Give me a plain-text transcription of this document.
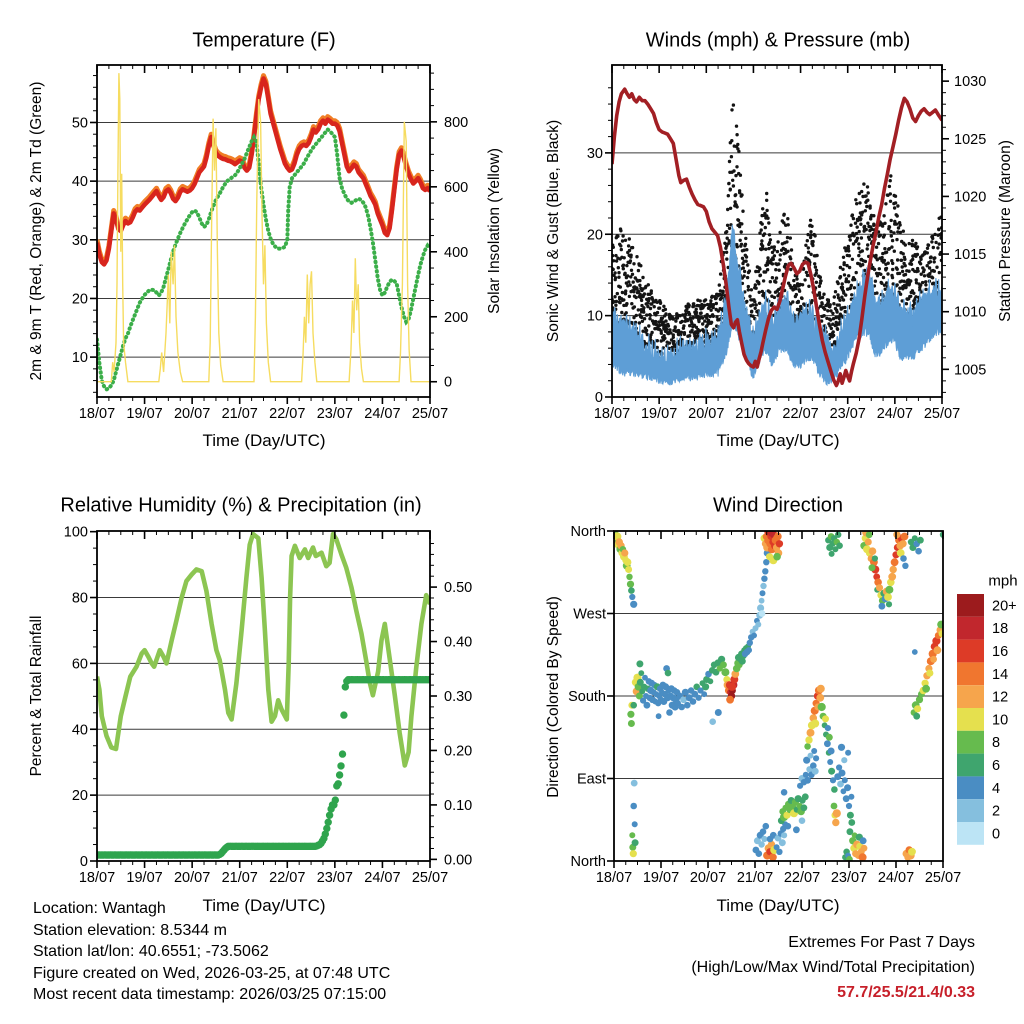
18/07 19/07 20/07 21/07 22/07 23/07 24/07 25/07
10
20
30
40
50
0
200
400
600
800
18/07 19/07 20/07 21/07 22/07 23/07 24/07 25/07
0
10
20
30
1005
1010
1015
1020
1025
1030
18/07 19/07 20/07 21/07 22/07 23/07 24/07 25/07
0
20
40
60
80
100
0.00
0.10
0.20
0.30
0.40
0.50
18/07 19/07 20/07 21/07 22/07 23/07 24/07 25/07
North
West
South
East
North
20+
18
16
14
12
10
8
6
4
2
0
Temperature (F)	Winds (mph) & Pressure (mb)
Relative Humidity (%) & Precipitation (in)	Wind Direction
2m & 9m T (Red, Orange) & 2m Td (Green)	Solar Insolation (Yellow)	Sonic Wind & Gust (Blue, Black)	Station Pressure (Maroon)
Percent & Total Rainfall	Direction (Colored By Speed)
Time (Day/UTC)	Time (Day/UTC)
Time (Day/UTC)	Time (Day/UTC)
mph
Location: Wantagh
Station elevation: 8.5344 m
Station lat/lon: 40.6551; -73.5062
Figure created on Wed, 2026-03-25, at 07:48 UTC
Most recent data timestamp: 2026/03/25 07:15:00
Extremes For Past 7 Days
(High/Low/Max Wind/Total Precipitation)
57.7/25.5/21.4/0.33
